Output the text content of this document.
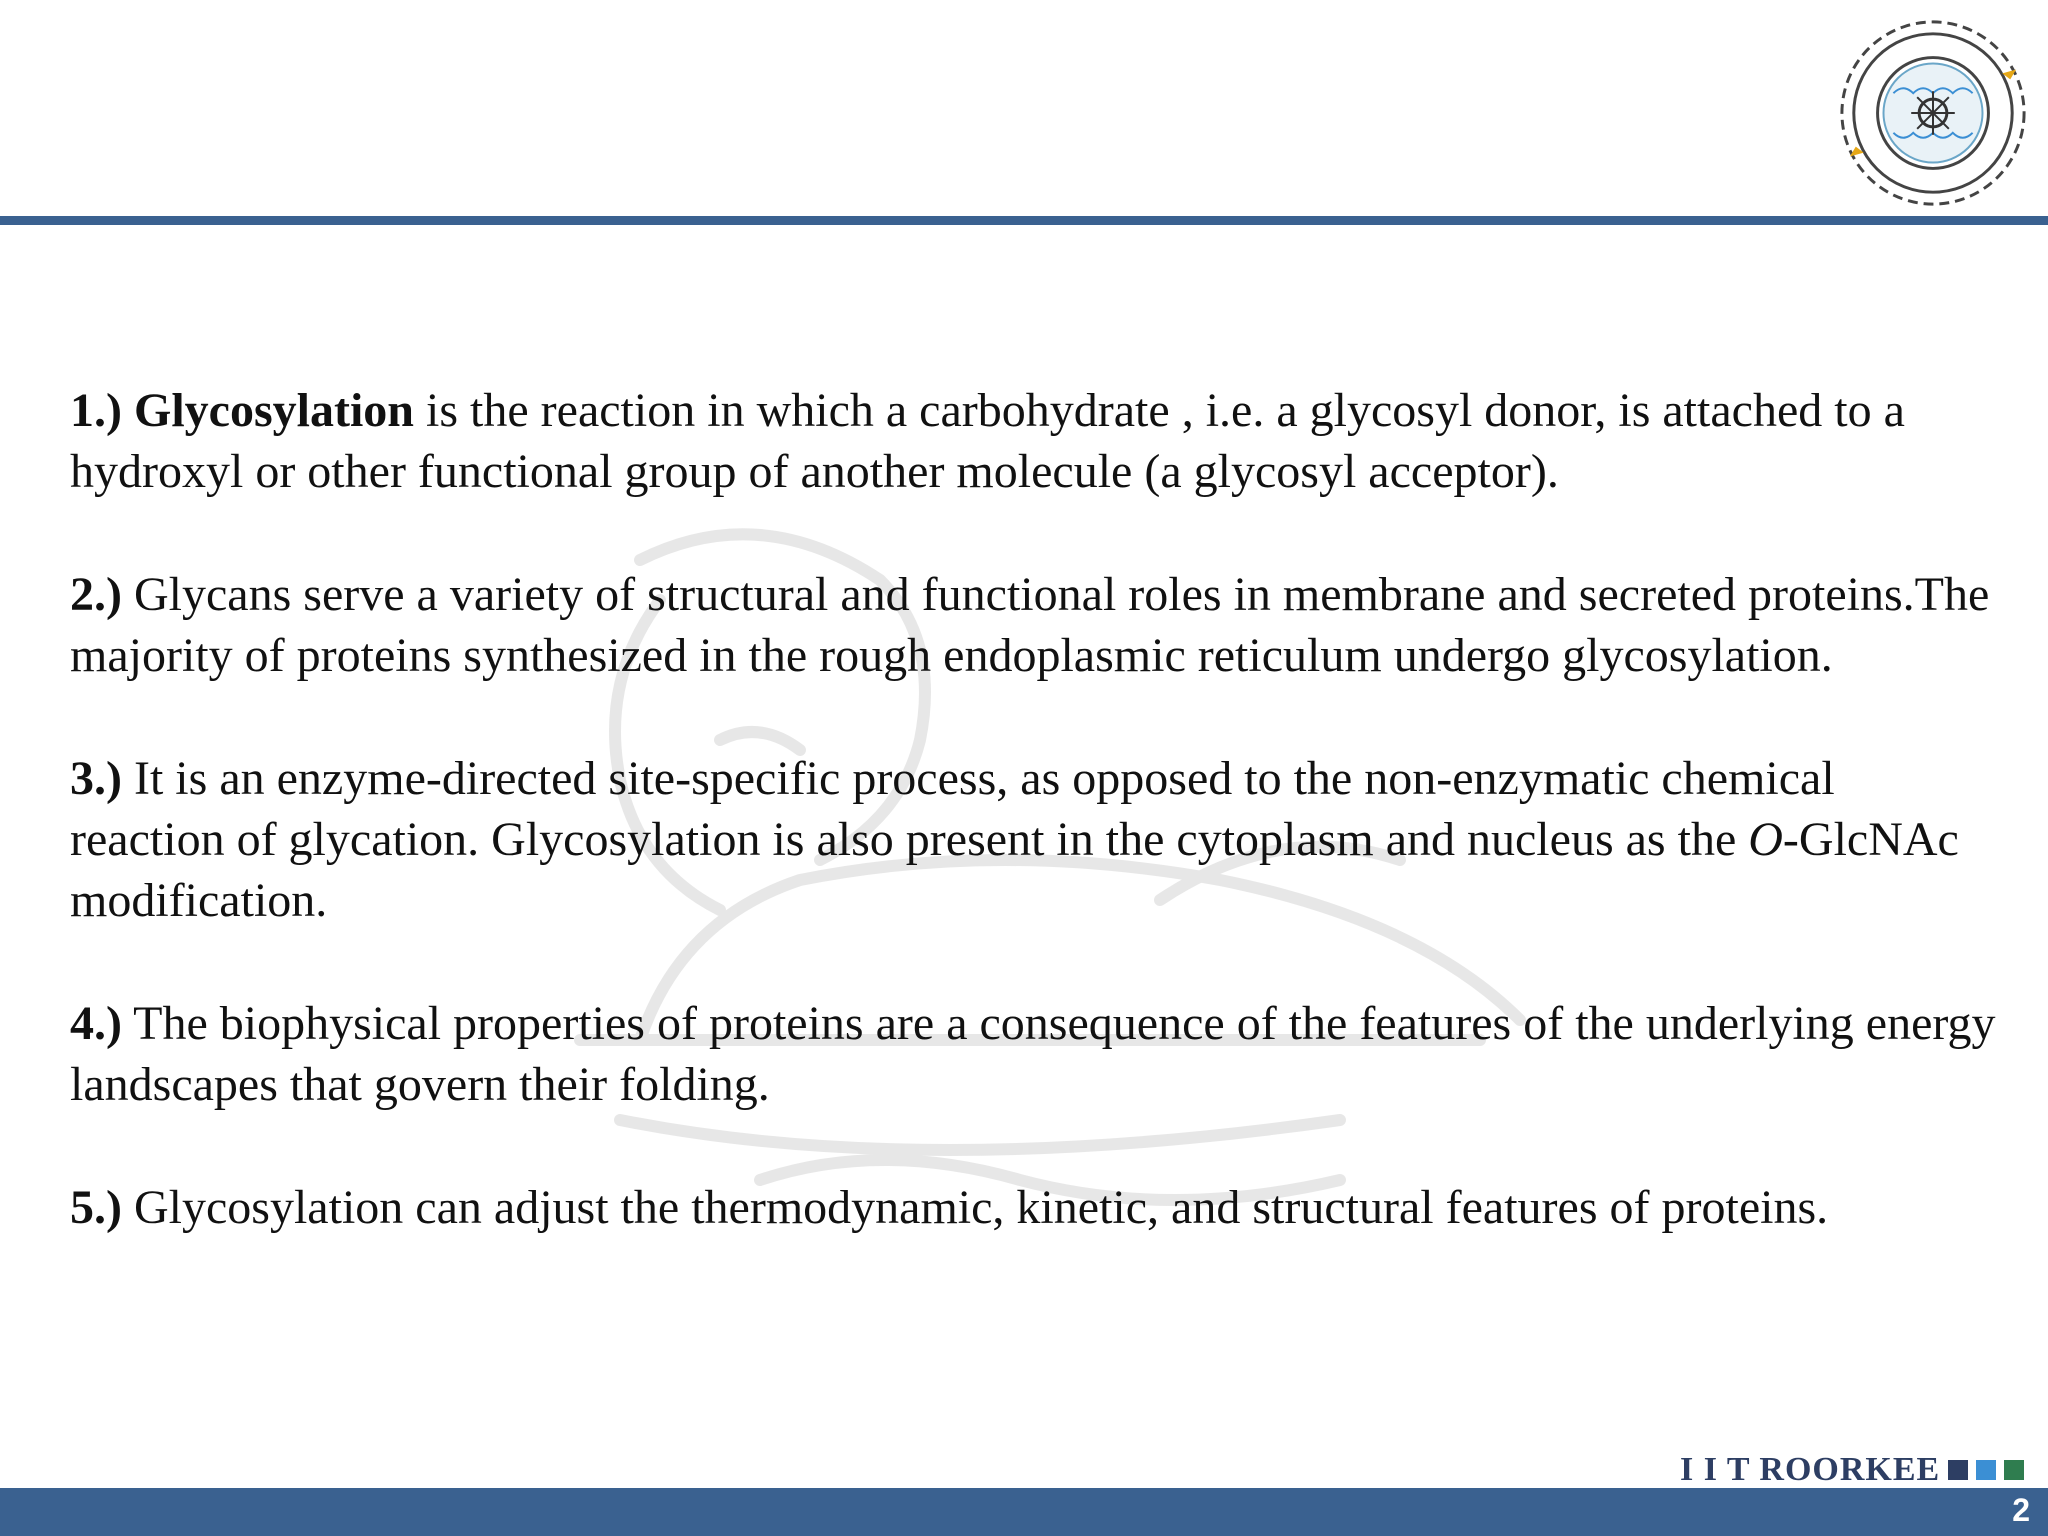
1.) Glycosylation is the reaction in which a carbohydrate , i.e. a glycosyl donor, is attached to a hydroxyl or other functional group of another molecule (a glycosyl acceptor).

2.) Glycans serve a variety of structural and functional roles in membrane and secreted proteins.The majority of proteins synthesized in the rough endoplasmic reticulum undergo glycosylation.

3.) It is an enzyme-directed site-specific process, as opposed to the non-enzymatic chemical reaction of glycation. Glycosylation is also present in the cytoplasm and nucleus as the O-GlcNAc modification.

4.) The biophysical properties of proteins are a consequence of the features of the underlying energy landscapes that govern their folding.

5.) Glycosylation can adjust the thermodynamic, kinetic, and structural features of proteins.

I I T ROORKEE
2
